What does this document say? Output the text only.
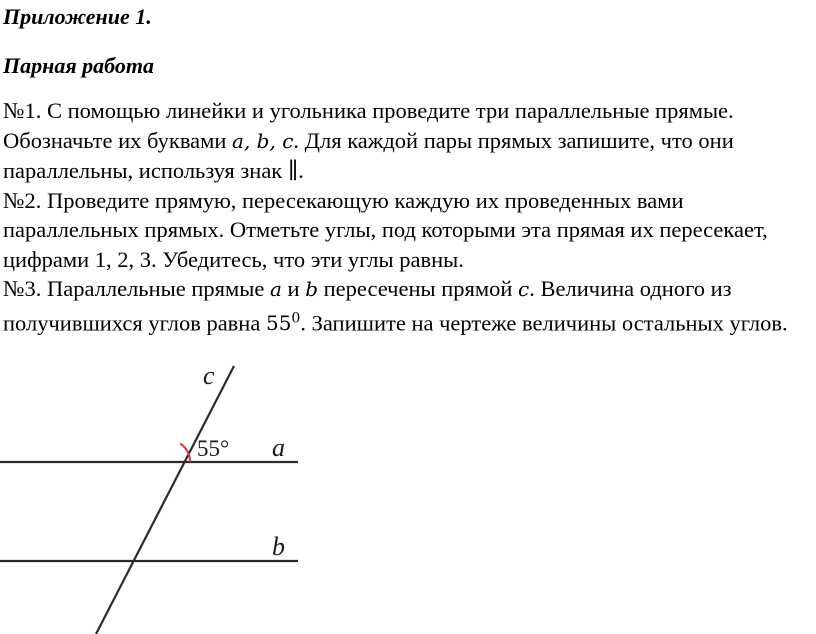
Приложение 1.

Парная работа

№1. С помощью линейки и угольника проведите три параллельные прямые. Обозначьте их буквами a, b, c. Для каждой пары прямых запишите, что они параллельны, используя знак ∥.

№2. Проведите прямую, пересекающую каждую их проведенных вами параллельных прямых. Отметьте углы, под которыми эта прямая их пересекает, цифрами 1, 2, 3. Убедитесь, что эти углы равны.

№3. Параллельные прямые a и b пересечены прямой c. Величина одного из получившихся углов равна $55^0$. Запишите на чертеже величины остальных углов.

c
55° a
b
